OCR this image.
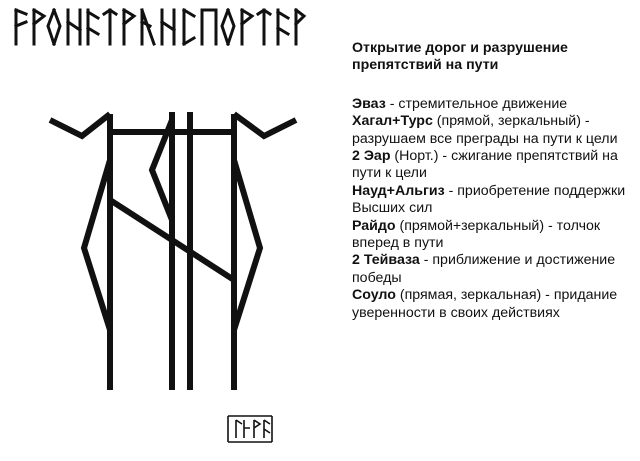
Открытие дорог и разрушение препятствий на пути

Эваз - стремительное движение

Хагал+Турс (прямой, зеркальный) - разрушаем все преграды на пути к цели

2 Эар (Норт.) - сжигание препятствий на пути к цели

Науд+Альгиз - приобретение поддержки Высших сил

Райдо (прямой+зеркальный) - толчок вперед в пути

2 Тейваза - приближение и достижение победы

Соуло (прямая, зеркальная) - придание уверенности в своих действиях
